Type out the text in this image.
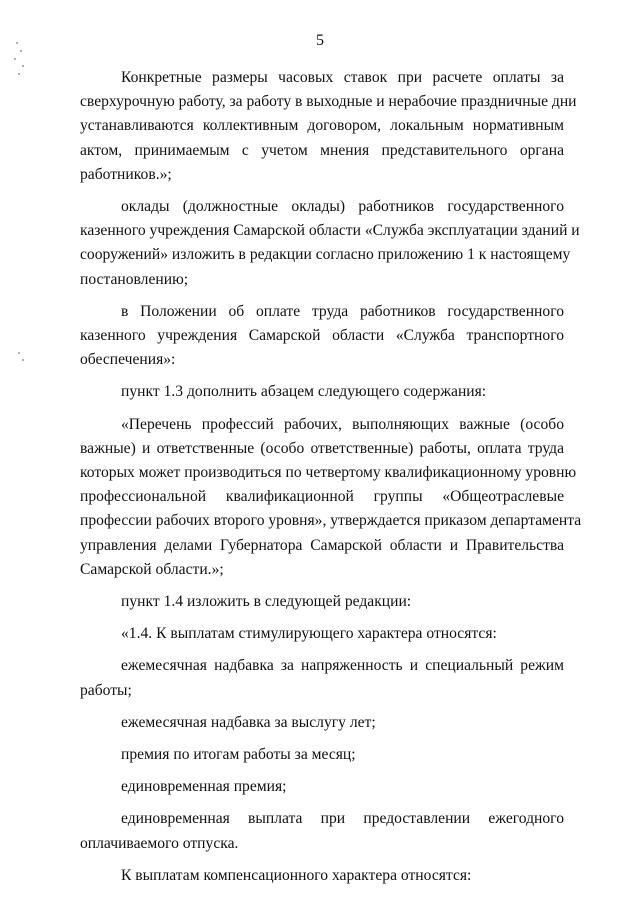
5
Конкретные размеры часовых ставок при расчете оплаты за
сверхурочную работу, за работу в выходные и нерабочие праздничные дни
устанавливаются коллективным договором, локальным нормативным
актом, принимаемым с учетом мнения представительного органа
работников.»;
оклады (должностные оклады) работников государственного
казенного учреждения Самарской области «Служба эксплуатации зданий и
сооружений» изложить в редакции согласно приложению 1 к настоящему
постановлению;
в Положении об оплате труда работников государственного
казенного учреждения Самарской области «Служба транспортного
обеспечения»:
пункт 1.3 дополнить абзацем следующего содержания:
«Перечень профессий рабочих, выполняющих важные (особо
важные) и ответственные (особо ответственные) работы, оплата труда
которых может производиться по четвертому квалификационному уровню
профессиональной квалификационной группы «Общеотраслевые
профессии рабочих второго уровня», утверждается приказом департамента
управления делами Губернатора Самарской области и Правительства
Самарской области.»;
пункт 1.4 изложить в следующей редакции:
«1.4. К выплатам стимулирующего характера относятся:
ежемесячная надбавка за напряженность и специальный режим
работы;
ежемесячная надбавка за выслугу лет;
премия по итогам работы за месяц;
единовременная премия;
единовременная выплата при предоставлении ежегодного
оплачиваемого отпуска.
К выплатам компенсационного характера относятся:
